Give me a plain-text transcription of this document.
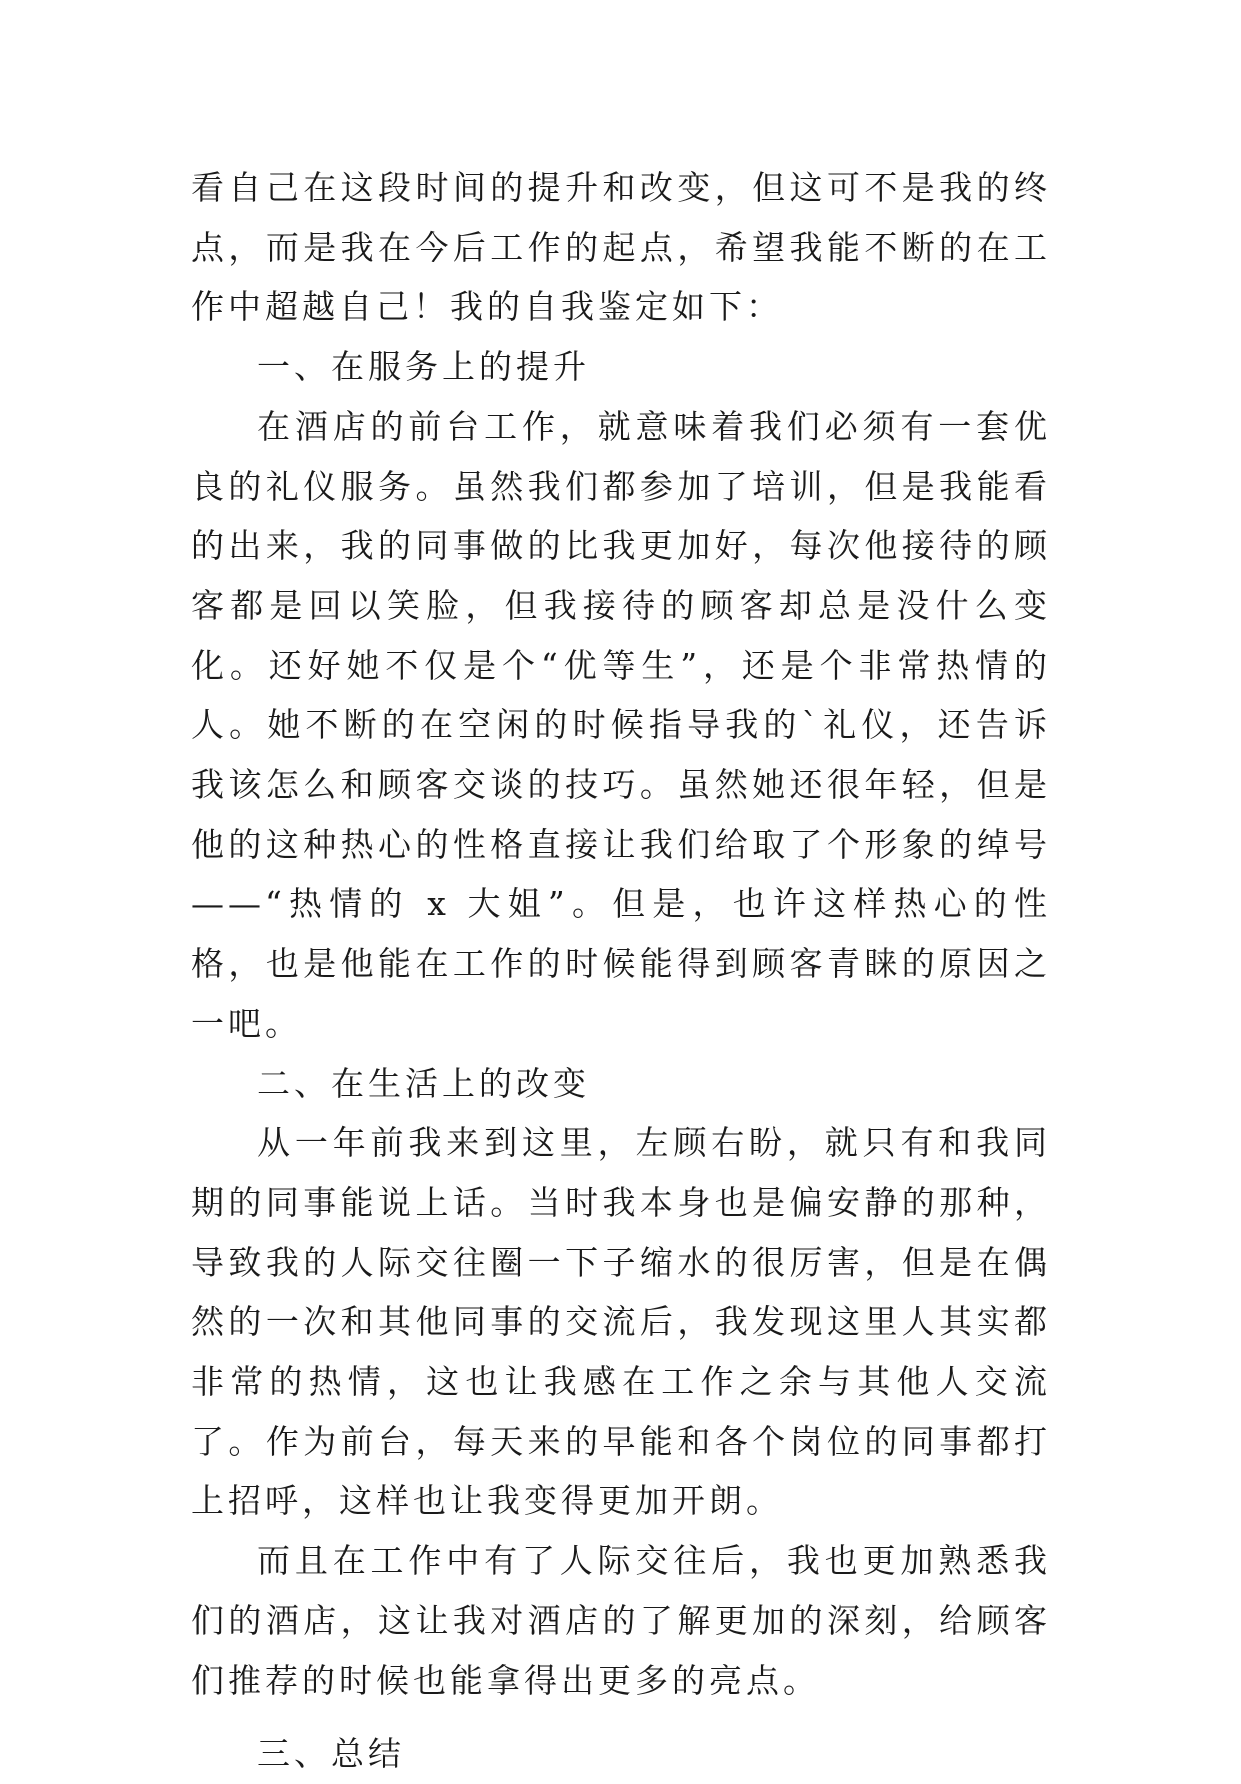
看自己在这段时间的提升和改变，但这可不是我的终点，而是我在今后工作的起点，希望我能不断的在工作中超越自己！我的自我鉴定如下：

一、在服务上的提升

在酒店的前台工作，就意味着我们必须有一套优良的礼仪服务。虽然我们都参加了培训，但是我能看的出来，我的同事做的比我更加好，每次他接待的顾客都是回以笑脸，但我接待的顾客却总是没什么变化。还好她不仅是个“优等生”，还是个非常热情的人。她不断的在空闲的时候指导我的`礼仪，还告诉我该怎么和顾客交谈的技巧。虽然她还很年轻，但是他的这种热心的性格直接让我们给取了个形象的绰号——“热情的 x 大姐”。但是，也许这样热心的性格，也是他能在工作的时候能得到顾客青睐的原因之一吧。

二、在生活上的改变

从一年前我来到这里，左顾右盼，就只有和我同期的同事能说上话。当时我本身也是偏安静的那种，导致我的人际交往圈一下子缩水的很厉害，但是在偶然的一次和其他同事的交流后，我发现这里人其实都非常的热情，这也让我感在工作之余与其他人交流了。作为前台，每天来的早能和各个岗位的同事都打上招呼，这样也让我变得更加开朗。

而且在工作中有了人际交往后，我也更加熟悉我们的酒店，这让我对酒店的了解更加的深刻，给顾客们推荐的时候也能拿得出更多的亮点。

三、总结
